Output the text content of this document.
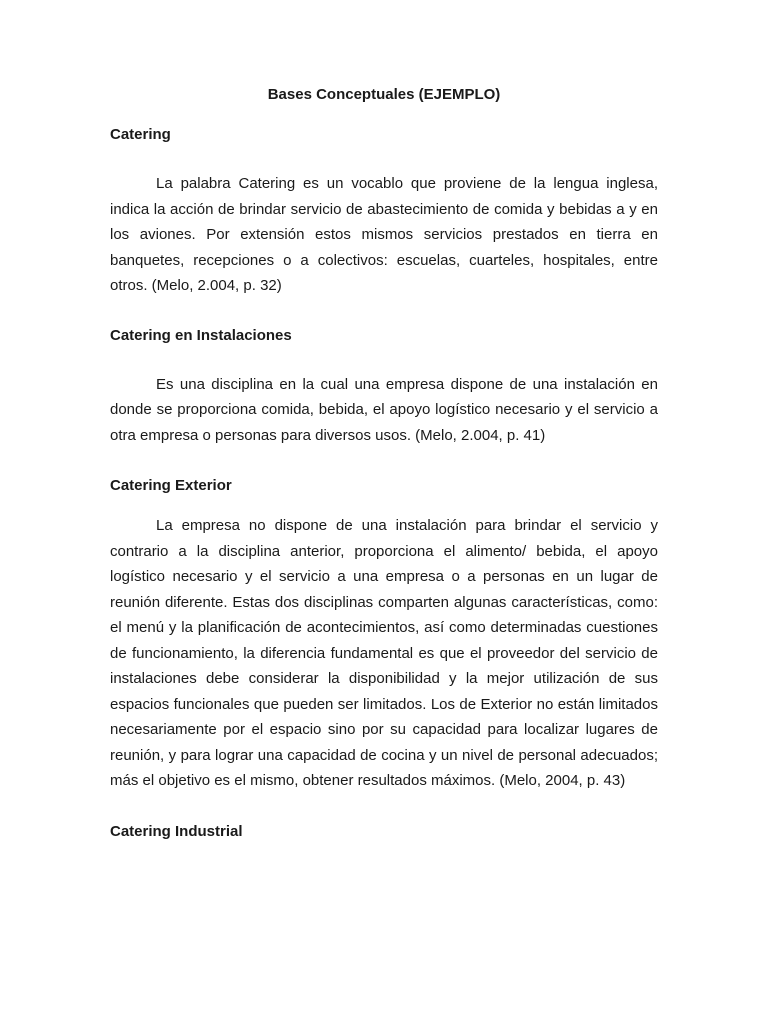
Bases Conceptuales (EJEMPLO)
Catering

La palabra Catering es un vocablo que proviene de la lengua inglesa, indica la acción de brindar servicio de abastecimiento de comida y bebidas a y en los aviones. Por extensión estos mismos servicios prestados en tierra en banquetes, recepciones o a colectivos: escuelas, cuarteles, hospitales, entre otros. (Melo, 2.004, p. 32)

Catering en Instalaciones

Es una disciplina en la cual una empresa dispone de una instalación en donde se proporciona comida, bebida, el apoyo logístico necesario y el servicio a otra empresa o personas para diversos usos. (Melo, 2.004, p. 41)

Catering Exterior

La empresa no dispone de una instalación para brindar el servicio y contrario a la disciplina anterior, proporciona el alimento/ bebida, el apoyo logístico necesario y el servicio a una empresa o a personas en un lugar de reunión diferente. Estas dos disciplinas comparten algunas características, como: el menú y la planificación de acontecimientos, así como determinadas cuestiones de funcionamiento, la diferencia fundamental es que el proveedor del servicio de instalaciones debe considerar la disponibilidad y la mejor utilización de sus espacios funcionales que pueden ser limitados. Los de Exterior no están limitados necesariamente por el espacio sino por su capacidad para localizar lugares de reunión, y para lograr una capacidad de cocina y un nivel de personal adecuados; más el objetivo es el mismo, obtener resultados máximos. (Melo, 2004, p. 43)

Catering Industrial
